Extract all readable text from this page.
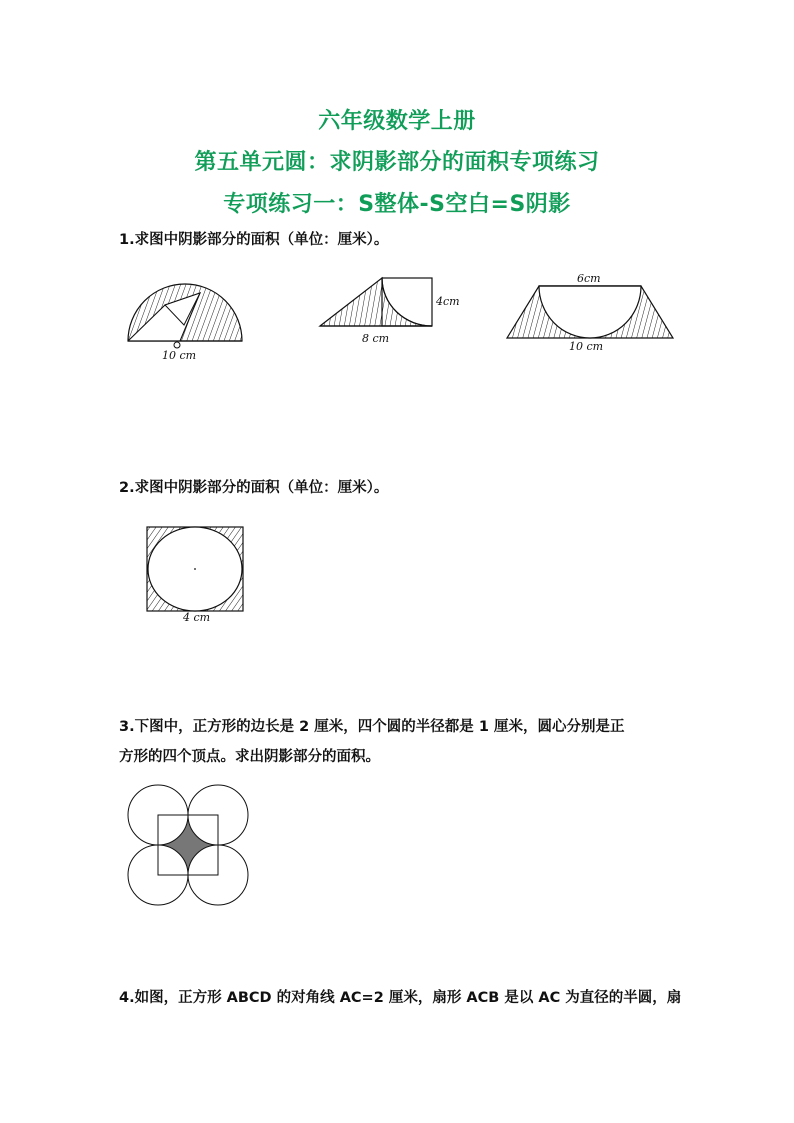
六年级数学上册
第五单元圆：求阴影部分的面积专项练习
专项练习一：S整体-S空白=S阴影
1.求图中阴影部分的面积（单位：厘米）。
10 cm
4cm
8 cm
6cm
10 cm
2.求图中阴影部分的面积（单位：厘米）。
4 cm
3.下图中，正方形的边长是 2 厘米，四个圆的半径都是 1 厘米，圆心分别是正
方形的四个顶点。求出阴影部分的面积。
4.如图，正方形 ABCD 的对角线 AC=2 厘米，扇形 ACB 是以 AC 为直径的半圆，扇
